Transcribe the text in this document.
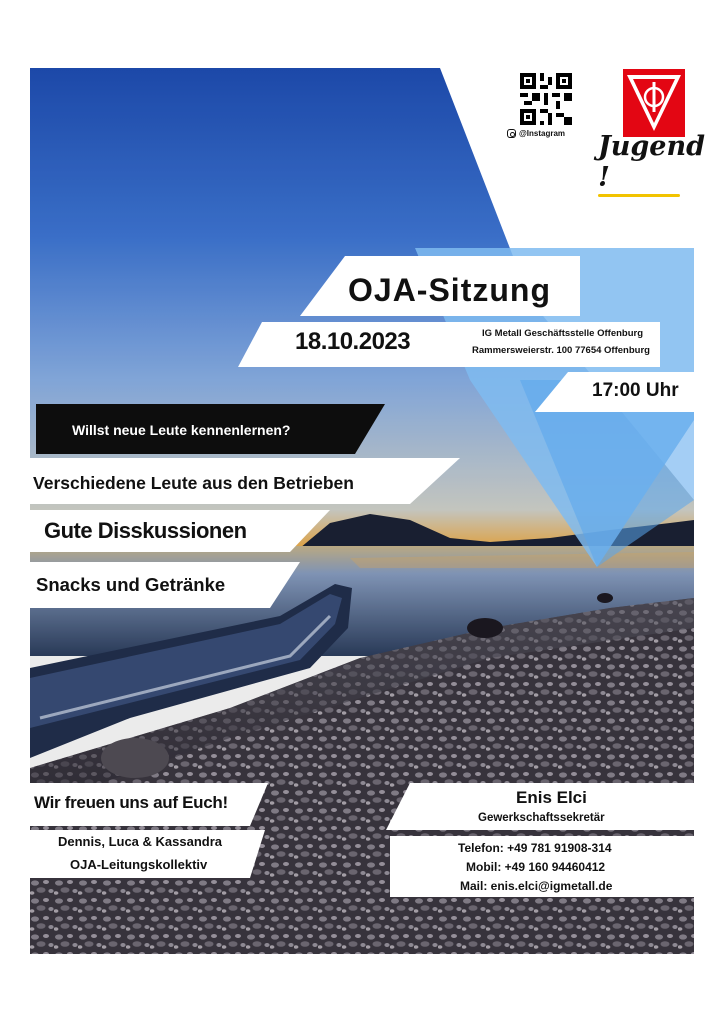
@Instagram Jugend !
OJA-Sitzung
18.10.2023	IG Metall Geschäftsstelle Offenburg
Rammersweierstr. 100 77654 Offenburg
17:00 Uhr
Willst neue Leute kennenlernen?
Verschiedene Leute aus den Betrieben
Gute Disskussionen
Snacks und Getränke
Wir freuen uns auf Euch!
Dennis, Luca & Kassandra
OJA-Leitungskollektiv
Enis Elci
Gewerkschaftssekretär
Telefon: +49 781 91908-314
Mobil: +49 160 94460412
Mail: enis.elci@igmetall.de
